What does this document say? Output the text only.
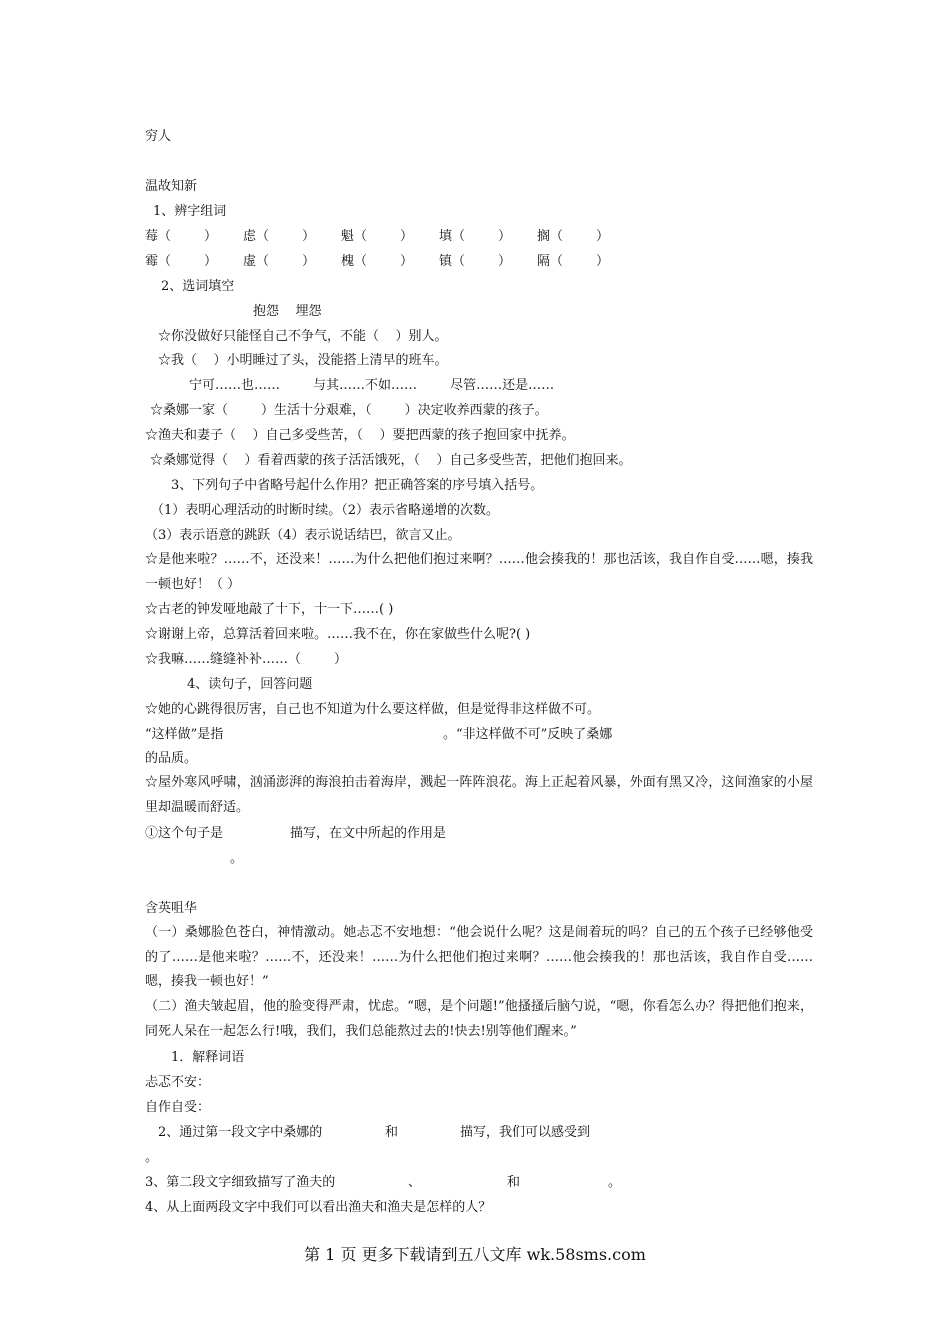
穷人
温故知新
1、辨字组词
莓（        ） 虑（        ） 魁（        ） 填（        ） 搁（        ）
霉（        ） 虚（        ） 槐（        ） 镇（        ） 隔（        ）
2、选词填空
抱怨    埋怨
☆你没做好只能怪自己不争气，不能（    ）别人。
☆我（    ）小明睡过了头，没能搭上清早的班车。
宁可……也……        与其……不如……        尽管……还是……
☆桑娜一家（        ）生活十分艰难，（        ）决定收养西蒙的孩子。
☆渔夫和妻子（    ）自己多受些苦，（    ）要把西蒙的孩子抱回家中抚养。
☆桑娜觉得（    ）看着西蒙的孩子活活饿死，（    ）自己多受些苦，把他们抱回来。
3、下列句子中省略号起什么作用？把正确答案的序号填入括号。
（1）表明心理活动的时断时续。（2）表示省略递增的次数。
（3）表示语意的跳跃（4）表示说话结巴，欲言又止。
☆是他来啦？……不，还没来！……为什么把他们抱过来啊？……他会揍我的！那也活该，我自作自受……嗯，揍我一顿也好！（ ）
☆古老的钟发哑地敲了十下，十一下……( )
☆谢谢上帝，总算活着回来啦。……我不在，你在家做些什么呢?( )
☆我嘛……缝缝补补……（        ）
4、读句子，回答问题
☆她的心跳得很厉害，自己也不知道为什么要这样做，但是觉得非这样做不可。
“这样做”是指	。“非这样做不可”反映了桑娜
的品质。
☆屋外寒风呼啸，汹涌澎湃的海浪拍击着海岸，溅起一阵阵浪花。海上正起着风暴，外面有黑又冷，这间渔家的小屋里却温暖而舒适。
①这个句子是	描写，在文中所起的作用是
。
含英咀华
（一）桑娜脸色苍白，神情激动。她忐忑不安地想：“他会说什么呢？这是闹着玩的吗？自己的五个孩子已经够他受的了……是他来啦？……不，还没来！……为什么把他们抱过来啊？……他会揍我的！那也活该，我自作自受……嗯，揍我一顿也好！”
（二）渔夫皱起眉，他的脸变得严肃，忧虑。“嗯，是个问题!”他搔搔后脑勺说，“嗯，你看怎么办？得把他们抱来，同死人呆在一起怎么行!哦，我们，我们总能熬过去的!快去!别等他们醒来。”
1．解释词语
忐忑不安：
自作自受：
2、通过第一段文字中桑娜的	和	描写，我们可以感受到
。
3、第二段文字细致描写了渔夫的	、	和	。
4、从上面两段文字中我们可以看出渔夫和渔夫是怎样的人？
第 1 页 更多下载请到五八文库 wk.58sms.com
